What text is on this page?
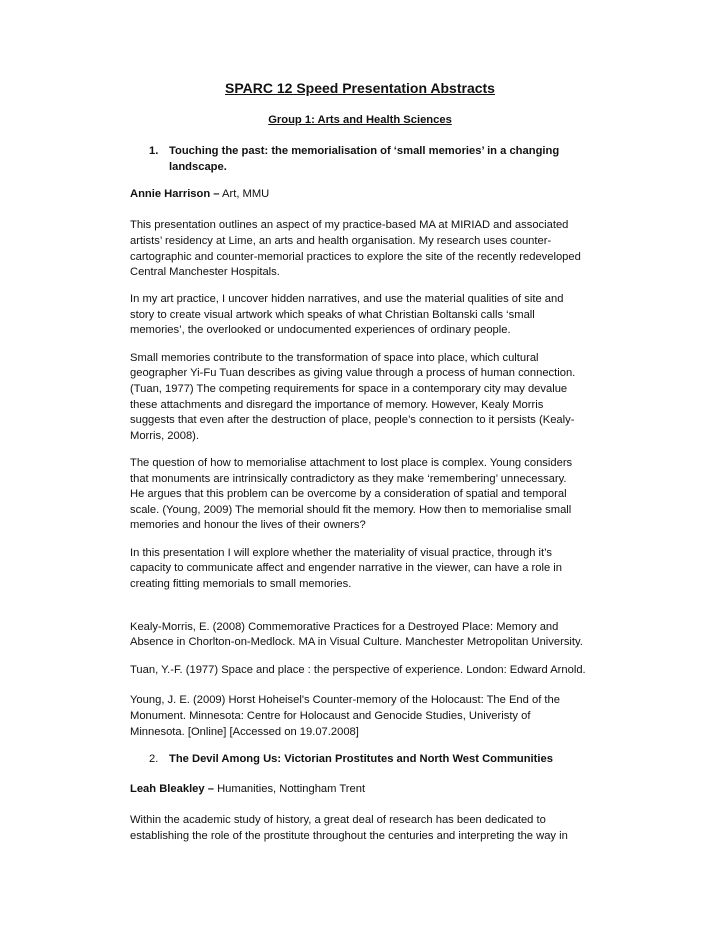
SPARC 12 Speed Presentation Abstracts
Group 1: Arts and Health Sciences
1. Touching the past: the memorialisation of ‘small memories’ in a changing
landscape.
Annie Harrison – Art, MMU
This presentation outlines an aspect of my practice-based MA at MIRIAD and associated
artists’ residency at Lime, an arts and health organisation. My research uses counter-
cartographic and counter-memorial practices to explore the site of the recently redeveloped
Central Manchester Hospitals.
In my art practice, I uncover hidden narratives, and use the material qualities of site and
story to create visual artwork which speaks of what Christian Boltanski calls ‘small
memories’, the overlooked or undocumented experiences of ordinary people.
Small memories contribute to the transformation of space into place, which cultural
geographer Yi-Fu Tuan describes as giving value through a process of human connection.
(Tuan, 1977) The competing requirements for space in a contemporary city may devalue
these attachments and disregard the importance of memory. However, Kealy Morris
suggests that even after the destruction of place, people’s connection to it persists (Kealy-
Morris, 2008).
The question of how to memorialise attachment to lost place is complex. Young considers
that monuments are intrinsically contradictory as they make ‘remembering’ unnecessary.
He argues that this problem can be overcome by a consideration of spatial and temporal
scale. (Young, 2009) The memorial should fit the memory. How then to memorialise small
memories and honour the lives of their owners?
In this presentation I will explore whether the materiality of visual practice, through it’s
capacity to communicate affect and engender narrative in the viewer, can have a role in
creating fitting memorials to small memories.
Kealy-Morris, E. (2008) Commemorative Practices for a Destroyed Place: Memory and
Absence in Chorlton-on-Medlock. MA in Visual Culture. Manchester Metropolitan University.
Tuan, Y.-F. (1977) Space and place : the perspective of experience. London: Edward Arnold.
Young, J. E. (2009) Horst Hoheisel's Counter-memory of the Holocaust: The End of the
Monument. Minnesota: Centre for Holocaust and Genocide Studies, Univeristy of
Minnesota. [Online] [Accessed on 19.07.2008]
2. The Devil Among Us: Victorian Prostitutes and North West Communities
Leah Bleakley – Humanities, Nottingham Trent
Within the academic study of history, a great deal of research has been dedicated to
establishing the role of the prostitute throughout the centuries and interpreting the way in
